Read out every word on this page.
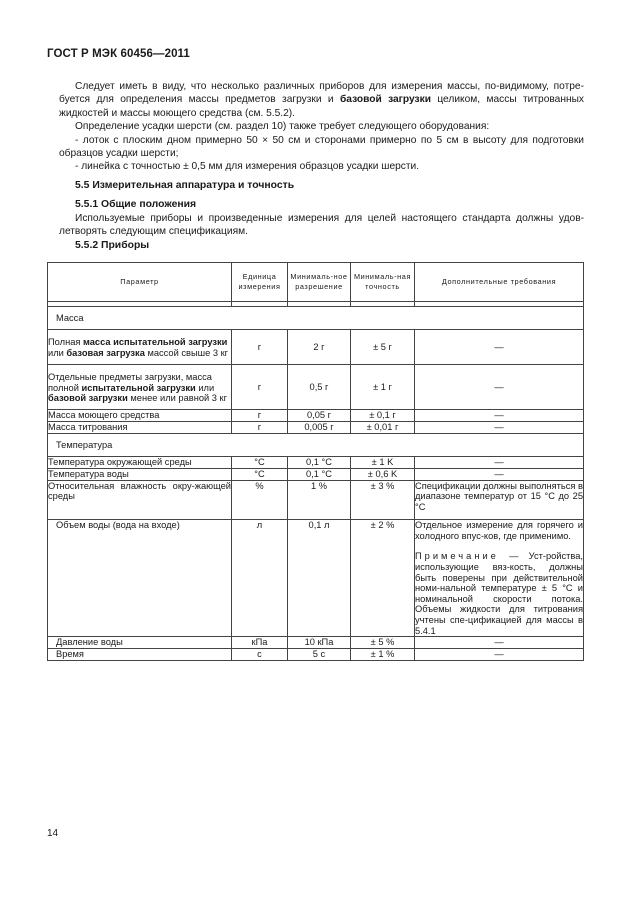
ГОСТ Р МЭК 60456—2011

Следует иметь в виду, что несколько различных приборов для измерения массы, по-видимому, потре-буется для определения массы предметов загрузки и базовой загрузки целиком, массы титрованных жидкостей и массы моющего средства (см. 5.5.2).

Определение усадки шерсти (см. раздел 10) также требует следующего оборудования:

- лоток с плоским дном примерно 50 × 50 см и сторонами примерно по 5 см в высоту для подготовки образцов усадки шерсти;

- линейка с точностью ± 0,5 мм для измерения образцов усадки шерсти.

5.5 Измерительная аппаратура и точность
5.5.1 Общие положения

Используемые приборы и произведенные измерения для целей настоящего стандарта должны удов-летворять следующим спецификациям.

5.5.2 Приборы
Параметр	Единица измерения	Минималь-ное разрешение	Минималь-ная точность	Дополнительные требования

Масса				
Полная масса испытательной загрузки или базовая загрузка массой свыше 3 кг	г	2 г	± 5 г	—
Отдельные предметы загрузки, масса полной испытательной загрузки или базовой загрузки менее или равной 3 кг	г	0,5 г	± 1 г	—
Масса моющего средства	г	0,05 г	± 0,1 г	—
Масса титрования	г	0,005 г	± 0,01 г	—
Температура				
Температура окружающей среды	°C	0,1 °C	± 1 K	—
Температура воды	°C	0,1 °C	± 0,6 K	—
Относительная влажность окру-жающей среды	%	1 %	± 3 %	Спецификации должны выполняться в диапазоне температур от 15 °C до 25 °C
Объем воды (вода на входе)	л	0,1 л	± 2 %	Отдельное измерение для горячего и холодного впус-ков, где применимо.
Примечание — Уст-ройства, использующие вяз-кость, должны быть поверены при действительной номи-нальной температуре ± 5 °C и номинальной скорости потока. Объемы жидкости для титрования учтены спе-цификацией для массы в 5.4.1

Давление воды	кПа	10 кПа	± 5 %	—
Время	с	5 с	± 1 %	—
14
